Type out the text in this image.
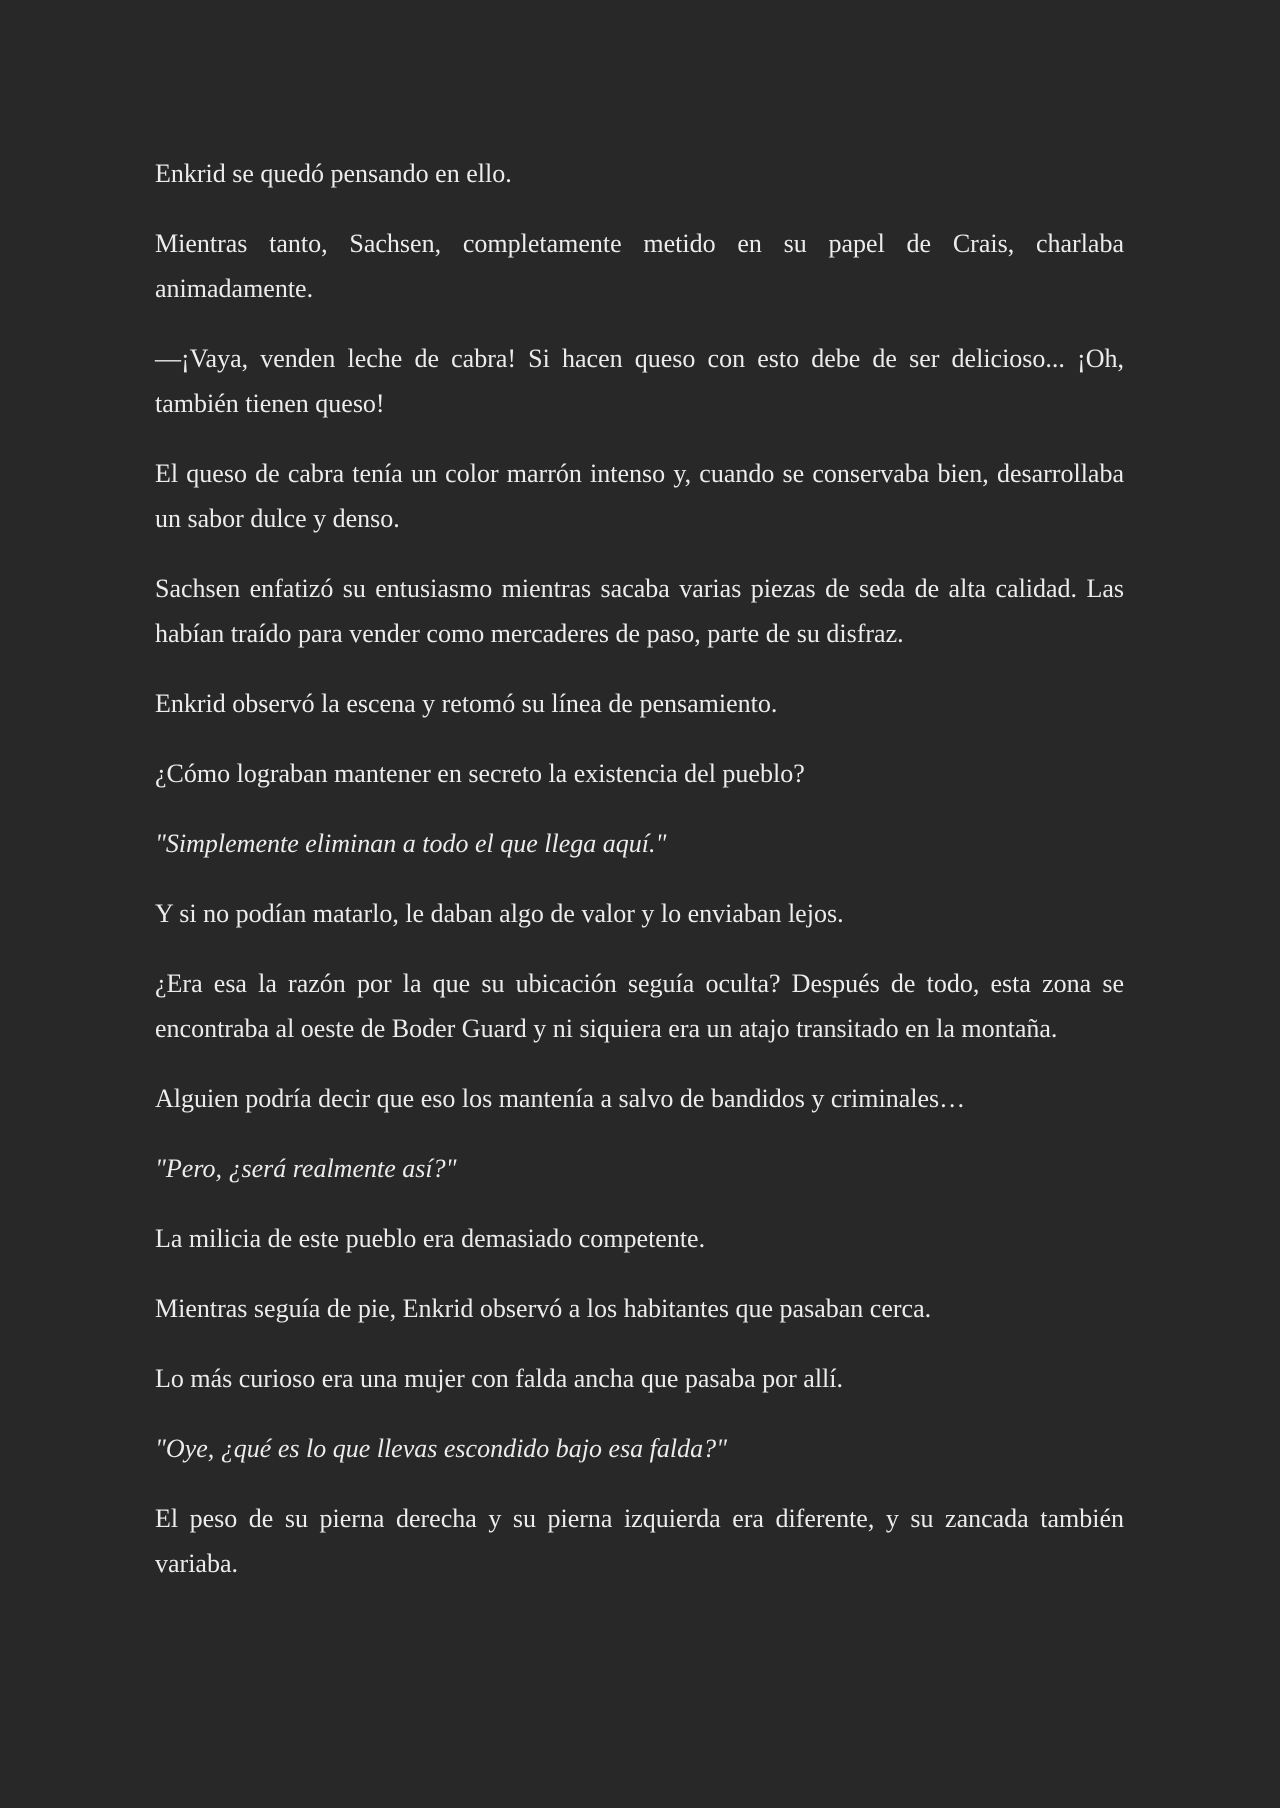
Enkrid se quedó pensando en ello.

Mientras tanto, Sachsen, completamente metido en su papel de Crais, charlaba animadamente.

—¡Vaya, venden leche de cabra! Si hacen queso con esto debe de ser delicioso... ¡Oh, también tienen queso!

El queso de cabra tenía un color marrón intenso y, cuando se conservaba bien, desarrollaba un sabor dulce y denso.

Sachsen enfatizó su entusiasmo mientras sacaba varias piezas de seda de alta calidad. Las habían traído para vender como mercaderes de paso, parte de su disfraz.

Enkrid observó la escena y retomó su línea de pensamiento.

¿Cómo lograban mantener en secreto la existencia del pueblo?

"Simplemente eliminan a todo el que llega aquí."

Y si no podían matarlo, le daban algo de valor y lo enviaban lejos.

¿Era esa la razón por la que su ubicación seguía oculta? Después de todo, esta zona se encontraba al oeste de Boder Guard y ni siquiera era un atajo transitado en la montaña.

Alguien podría decir que eso los mantenía a salvo de bandidos y criminales…

"Pero, ¿será realmente así?"

La milicia de este pueblo era demasiado competente.

Mientras seguía de pie, Enkrid observó a los habitantes que pasaban cerca.

Lo más curioso era una mujer con falda ancha que pasaba por allí.

"Oye, ¿qué es lo que llevas escondido bajo esa falda?"

El peso de su pierna derecha y su pierna izquierda era diferente, y su zancada también variaba.
